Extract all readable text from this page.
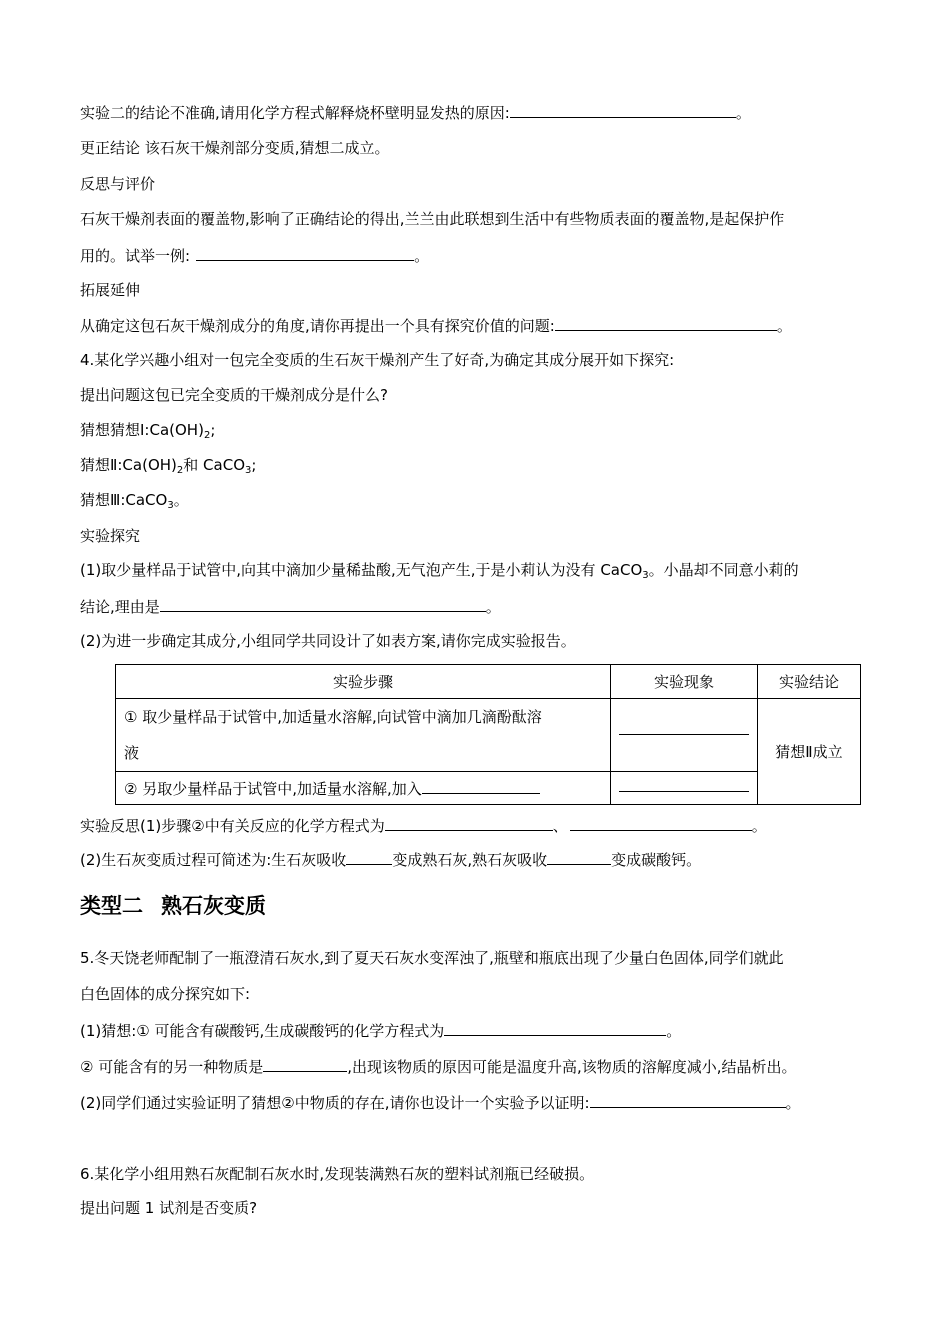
实验二的结论不准确,请用化学方程式解释烧杯壁明显发热的原因:	。
更正结论 该石灰干燥剂部分变质,猜想二成立。
反思与评价
石灰干燥剂表面的覆盖物,影响了正确结论的得出,兰兰由此联想到生活中有些物质表面的覆盖物,是起保护作
用的。试举一例:	。
拓展延伸
从确定这包石灰干燥剂成分的角度,请你再提出一个具有探究价值的问题:	。
4.某化学兴趣小组对一包完全变质的生石灰干燥剂产生了好奇,为确定其成分展开如下探究:
提出问题这包已完全变质的干燥剂成分是什么?
猜想猜想$Ⅰ:Ca(OH)_2$;
猜想$Ⅱ:Ca(OH)_2$和 CaCO$_3$;
猜想Ⅲ:CaCO$_3$。
实验探究
(1)取少量样品于试管中,向其中滴加少量稀盐酸,无气泡产生,于是小莉认为没有 CaCO$_3$。小晶却不同意小莉的
结论,理由是	。
(2)为进一步确定其成分,小组同学共同设计了如表方案,请你完成实验报告。
实验步骤	实验现象	实验结论

① 取少量样品于试管中,加适量水溶解,向试管中滴加几滴酚酞溶
液		猜想Ⅱ成立
② 另取少量样品于试管中,加适量水溶解,加入		
实验反思(1)步骤②中有关反应的化学方程式为	、	。
(2)生石灰变质过程可简述为:生石灰吸收	变成熟石灰,熟石灰吸收	变成碳酸钙。
类型二 熟石灰变质
5.冬天饶老师配制了一瓶澄清石灰水,到了夏天石灰水变浑浊了,瓶壁和瓶底出现了少量白色固体,同学们就此
白色固体的成分探究如下:
(1)猜想:① 可能含有碳酸钙,生成碳酸钙的化学方程式为	。
② 可能含有的另一种物质是	,出现该物质的原因可能是温度升高,该物质的溶解度减小,结晶析出。
(2)同学们通过实验证明了猜想②中物质的存在,请你也设计一个实验予以证明:	。
6.某化学小组用熟石灰配制石灰水时,发现装满熟石灰的塑料试剂瓶已经破损。
提出问题 1 试剂是否变质?
